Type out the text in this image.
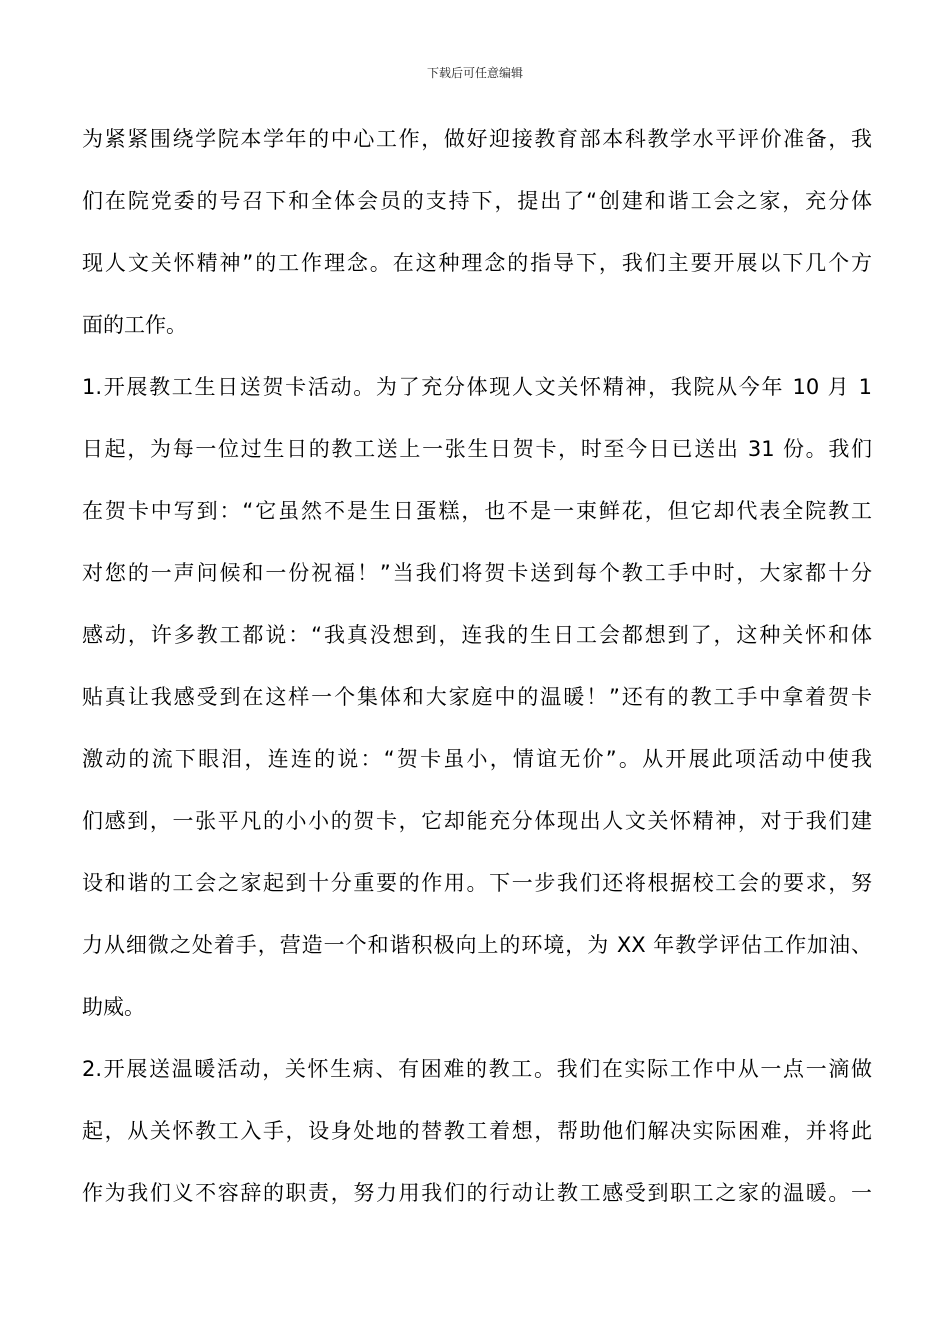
下载后可任意编辑
为紧紧围绕学院本学年的中心工作，做好迎接教育部本科教学水平评价准备，我
们在院党委的号召下和全体会员的支持下，提出了“创建和谐工会之家，充分体
现人文关怀精神”的工作理念。在这种理念的指导下，我们主要开展以下几个方
面的工作。
1.开展教工生日送贺卡活动。为了充分体现人文关怀精神，我院从今年 10 月 1
日起，为每一位过生日的教工送上一张生日贺卡，时至今日已送出 31 份。我们
在贺卡中写到：“它虽然不是生日蛋糕，也不是一束鲜花，但它却代表全院教工
对您的一声问候和一份祝福！”当我们将贺卡送到每个教工手中时，大家都十分
感动，许多教工都说：“我真没想到，连我的生日工会都想到了，这种关怀和体
贴真让我感受到在这样一个集体和大家庭中的温暖！”还有的教工手中拿着贺卡
激动的流下眼泪，连连的说：“贺卡虽小，情谊无价”。从开展此项活动中使我
们感到，一张平凡的小小的贺卡，它却能充分体现出人文关怀精神，对于我们建
设和谐的工会之家起到十分重要的作用。下一步我们还将根据校工会的要求，努
力从细微之处着手，营造一个和谐积极向上的环境，为 XX 年教学评估工作加油、
助威。
2.开展送温暖活动，关怀生病、有困难的教工。我们在实际工作中从一点一滴做
起，从关怀教工入手，设身处地的替教工着想，帮助他们解决实际困难，并将此
作为我们义不容辞的职责，努力用我们的行动让教工感受到职工之家的温暖。一
